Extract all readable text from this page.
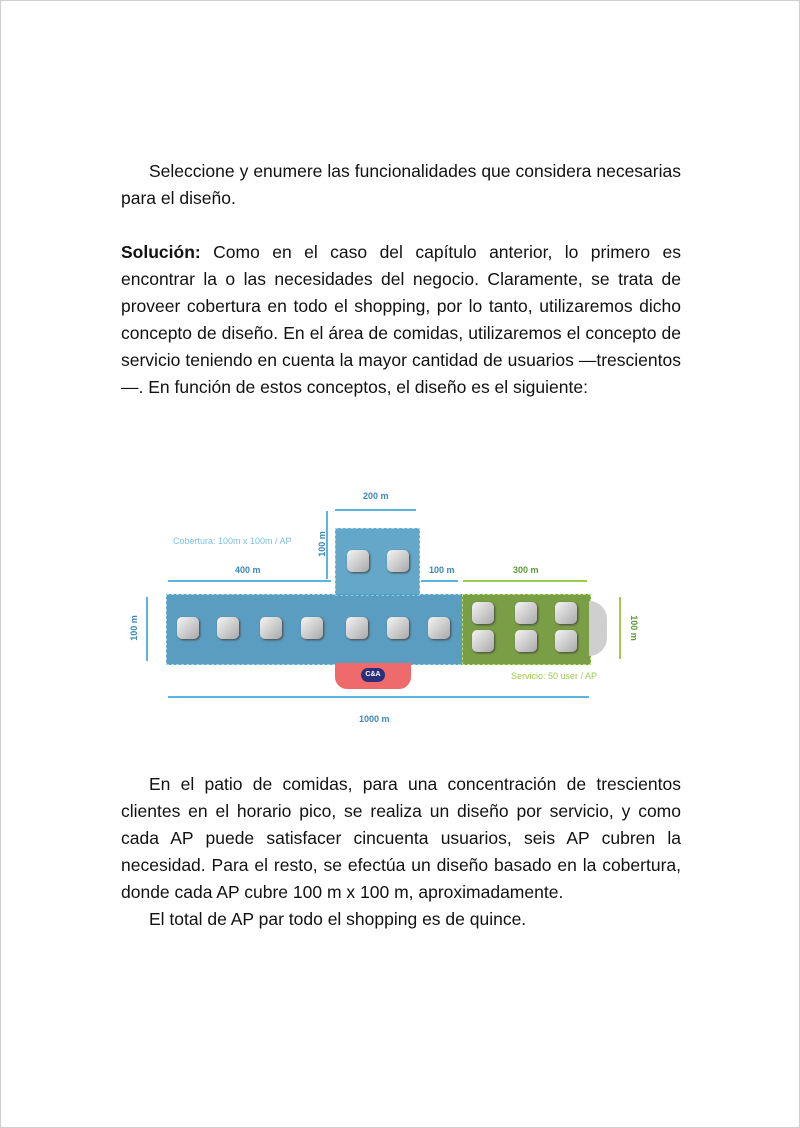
Seleccione y enumere las funcionalidades que considera necesarias para el diseño.

Solución: Como en el caso del capítulo anterior, lo primero es encontrar la o las necesidades del negocio. Claramente, se trata de proveer cobertura en todo el shopping, por lo tanto, utilizaremos dicho concepto de diseño. En el área de comidas, utilizaremos el concepto de servicio teniendo en cuenta la mayor cantidad de usuarios —trescientos—. En función de estos conceptos, el diseño es el siguiente:

C&A
200 m
100 m
Cobertura: 100m x 100m / AP
400 m	100 m	300 m
100 m	100 m
Servicio: 50 user / AP
1000 m

En el patio de comidas, para una concentración de trescientos clientes en el horario pico, se realiza un diseño por servicio, y como cada AP puede satisfacer cincuenta usuarios, seis AP cubren la necesidad. Para el resto, se efectúa un diseño basado en la cobertura, donde cada AP cubre 100 m x 100 m, aproximadamente.

El total de AP par todo el shopping es de quince.
